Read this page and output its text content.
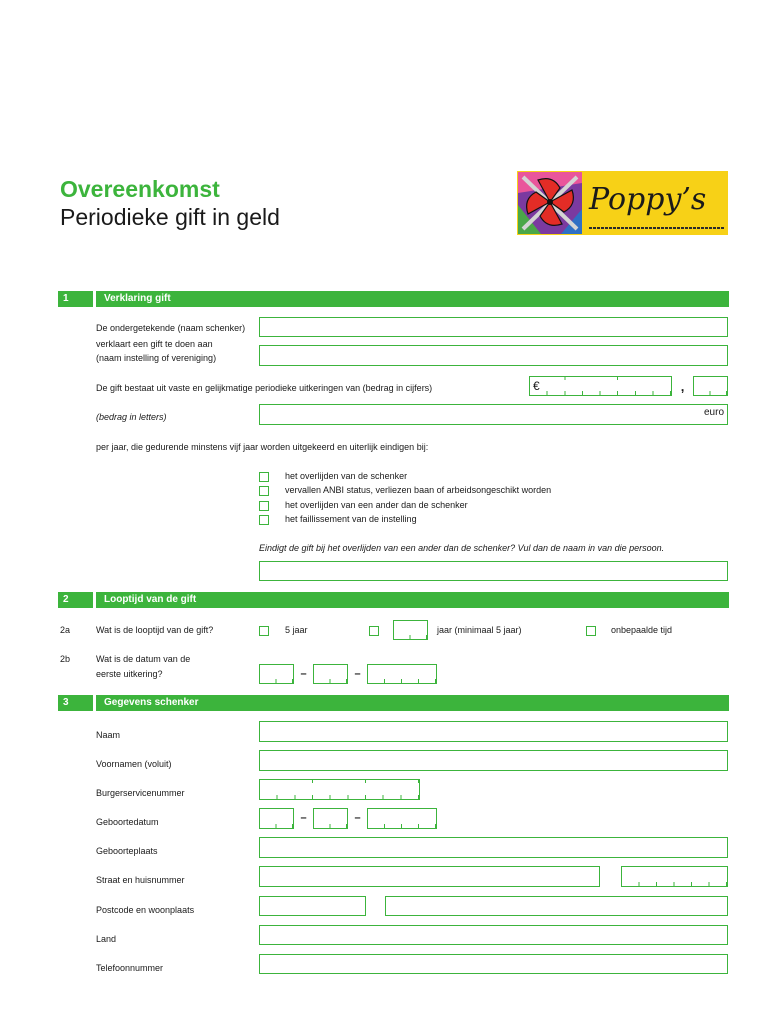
Overeenkomst
Periodieke gift in geld	Poppy’s
1	Verklaring gift
De ondergetekende (naam schenker)
verklaart een gift te doen aan
(naam instelling of vereniging)
De gift bestaat uit vaste en gelijkmatige periodieke uitkeringen van (bedrag in cijfers)	€	,
(bedrag in letters)	euro
per jaar, die gedurende minstens vijf jaar worden uitgekeerd en uiterlijk eindigen bij:
het overlijden van de schenker
vervallen ANBI status, verliezen baan of arbeidsongeschikt worden
het overlijden van een ander dan de schenker
het faillissement van de instelling
Eindigt de gift bij het overlijden van een ander dan de schenker? Vul dan de naam in van die persoon.
2	Looptijd van de gift
2a	Wat is de looptijd van de gift?	5 jaar	jaar (minimaal 5 jaar)	onbepaalde tijd
2b	Wat is de datum van de
eerste uitkering?	–	–
3	Gegevens schenker
Naam
Voornamen (voluit)
Burgerservicenummer
Geboortedatum	–	–
Geboorteplaats
Straat en huisnummer
Postcode en woonplaats
Land
Telefoonnummer
